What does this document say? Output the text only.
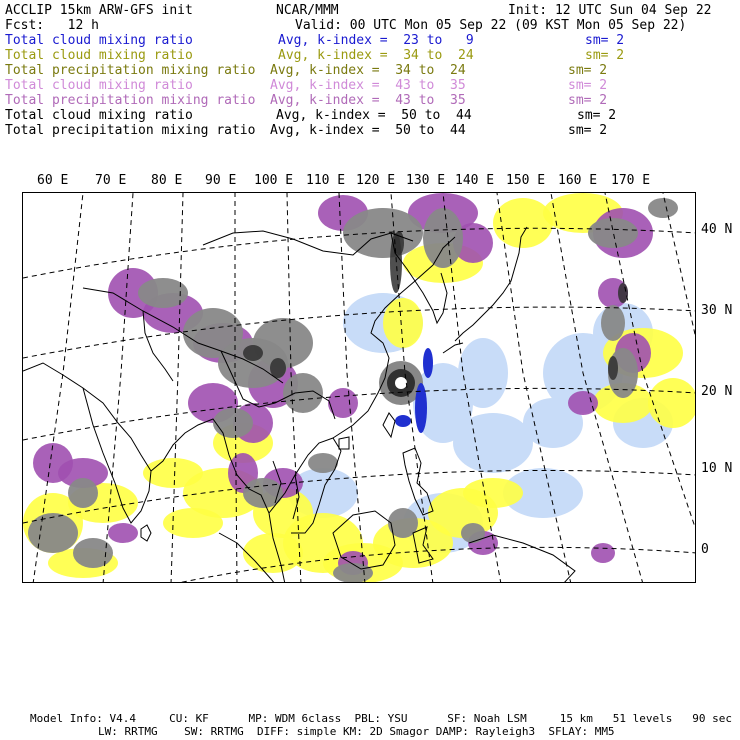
ACCLIP 15km ARW-GFS init	NCAR/MMM	Init: 12 UTC Sun 04 Sep 22
Fcst:   12 h	Valid: 00 UTC Mon 05 Sep 22 (09 KST Mon 05 Sep 22)
Total cloud mixing ratio	Avg, k-index =  23 to   9	sm= 2
Total cloud mixing ratio	Avg, k-index =  34 to  24	sm= 2
Total precipitation mixing ratio Avg, k-index =  34 to  24	sm= 2
Total cloud mixing ratio	Avg, k-index =  43 to  35	sm= 2
Total precipitation mixing ratio Avg, k-index =  43 to  35	sm= 2
Total cloud mixing ratio	Avg, k-index =  50 to  44	sm= 2
Total precipitation mixing ratio Avg, k-index =  50 to  44	sm= 2
60 E 70 E 80 E 90 E 100 E 110 E 120 E 130 E 140 E 150 E 160 E 170 E
40 N
30 N
20 N
10 N
0
Model Info: V4.4     CU: KF      MP: WDM 6class  PBL: YSU      SF: Noah LSM     15 km   51 levels   90 sec
LW: RRTMG    SW: RRTMG  DIFF: simple KM: 2D Smagor DAMP: Rayleigh3  SFLAY: MM5
